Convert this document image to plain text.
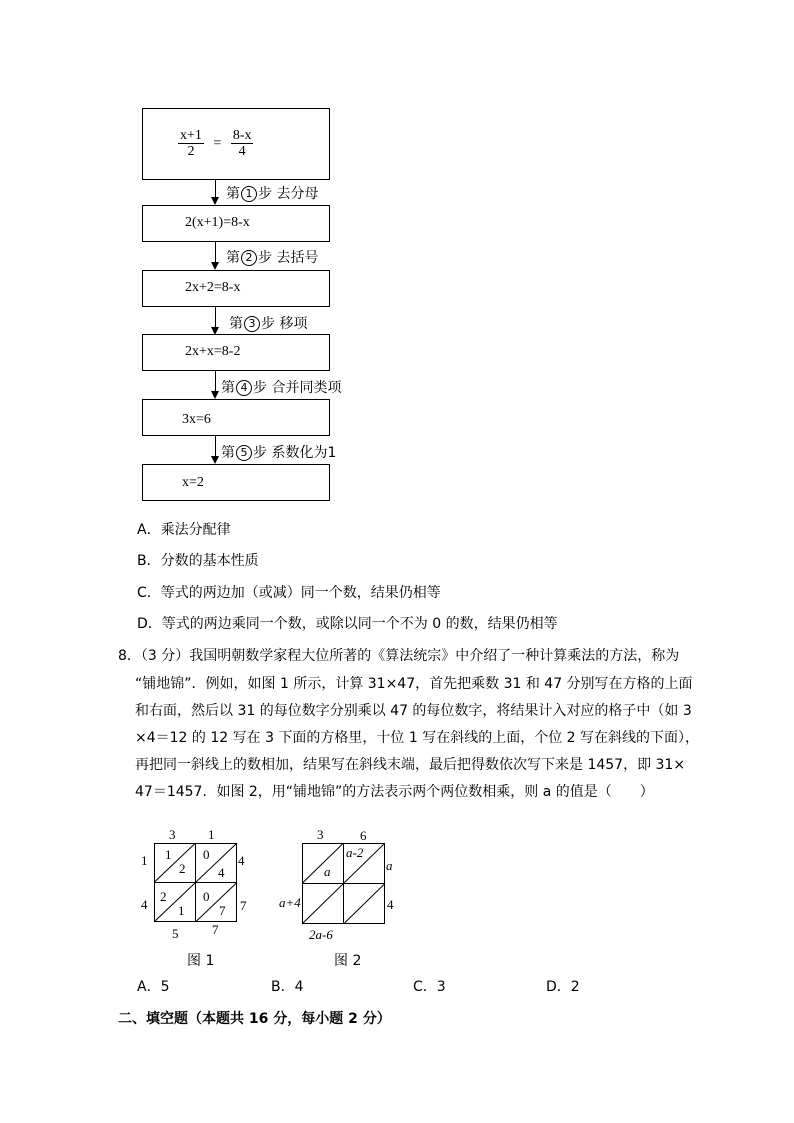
$\frac{x+1}{2} = \frac{8-x}{4}$
第 1 步 去分母
2(x+1)=8-x
第 2 步 去括号
2x+2=8-x
第 3 步 移项
2x+x=8-2
第 4 步 合并同类项
3x=6
第 5 步 系数化为1
x=2
A．乘法分配律
B．分数的基本性质
C．等式的两边加（或减）同一个数，结果仍相等
D．等式的两边乘同一个数，或除以同一个不为 0 的数，结果仍相等
8．（3 分）我国明朝数学家程大位所著的《算法统宗》中介绍了一种计算乘法的方法，称为
“铺地锦”．例如，如图 1 所示，计算 31×47，首先把乘数 31 和 47 分别写在方格的上面
和右面，然后以 31 的每位数字分别乘以 47 的每位数字，将结果计入对应的格子中（如 3
×4＝12 的 12 写在 3 下面的方格里，十位 1 写在斜线的上面，个位 2 写在斜线的下面），
再把同一斜线上的数相加，结果写在斜线末端，最后把得数依次写下来是 1457，即 31×
47＝1457．如图 2，用“铺地锦”的方法表示两个两位数相乘，则 a 的值是（　　）
3	1
4
7
1
4
5	7
1
2
0
4
2
1
0
7
图 1
3	6
a
a-2
a
4
a+4
2a-6
图 2
A．5	B．4	C．3	D．2
二、填空题（本题共 16 分，每小题 2 分）
